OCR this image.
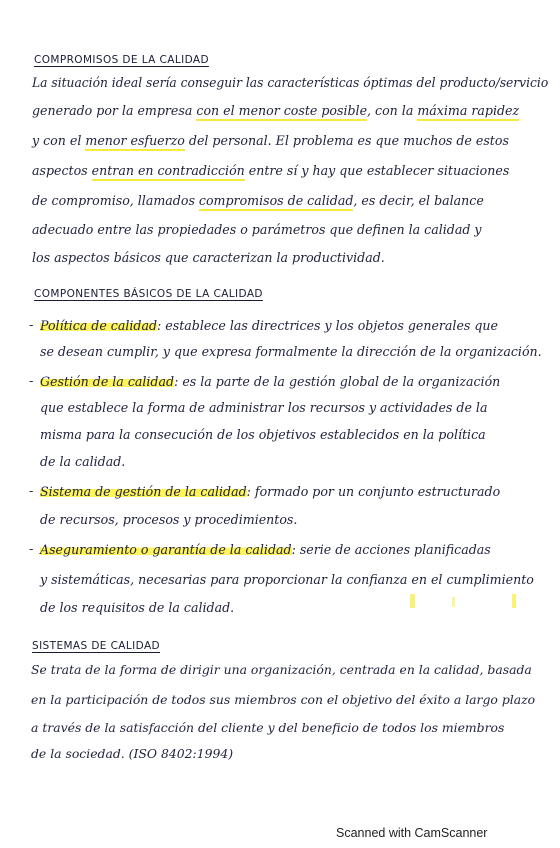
COMPROMISOS DE LA CALIDAD
La situación ideal sería conseguir las características óptimas del producto/servicio
generado por la empresa con el menor coste posible, con la máxima rapidez
y con el menor esfuerzo del personal. El problema es que muchos de estos
aspectos entran en contradicción entre sí y hay que establecer situaciones
de compromiso, llamados compromisos de calidad, es decir, el balance
adecuado entre las propiedades o parámetros que definen la calidad y
los aspectos básicos que caracterizan la productividad.
COMPONENTES BÁSICOS DE LA CALIDAD
- Política de calidad: establece las directrices y los objetos generales que
se desean cumplir, y que expresa formalmente la dirección de la organización.
- Gestión de la calidad: es la parte de la gestión global de la organización
que establece la forma de administrar los recursos y actividades de la
misma para la consecución de los objetivos establecidos en la política
de la calidad.
- Sistema de gestión de la calidad: formado por un conjunto estructurado
de recursos, procesos y procedimientos.
- Aseguramiento o garantía de la calidad: serie de acciones planificadas
y sistemáticas, necesarias para proporcionar la confianza en el cumplimiento
de los requisitos de la calidad.
SISTEMAS DE CALIDAD
Se trata de la forma de dirigir una organización, centrada en la calidad, basada
en la participación de todos sus miembros con el objetivo del éxito a largo plazo
a través de la satisfacción del cliente y del beneficio de todos los miembros
de la sociedad. (ISO 8402:1994)
Scanned with CamScanner
